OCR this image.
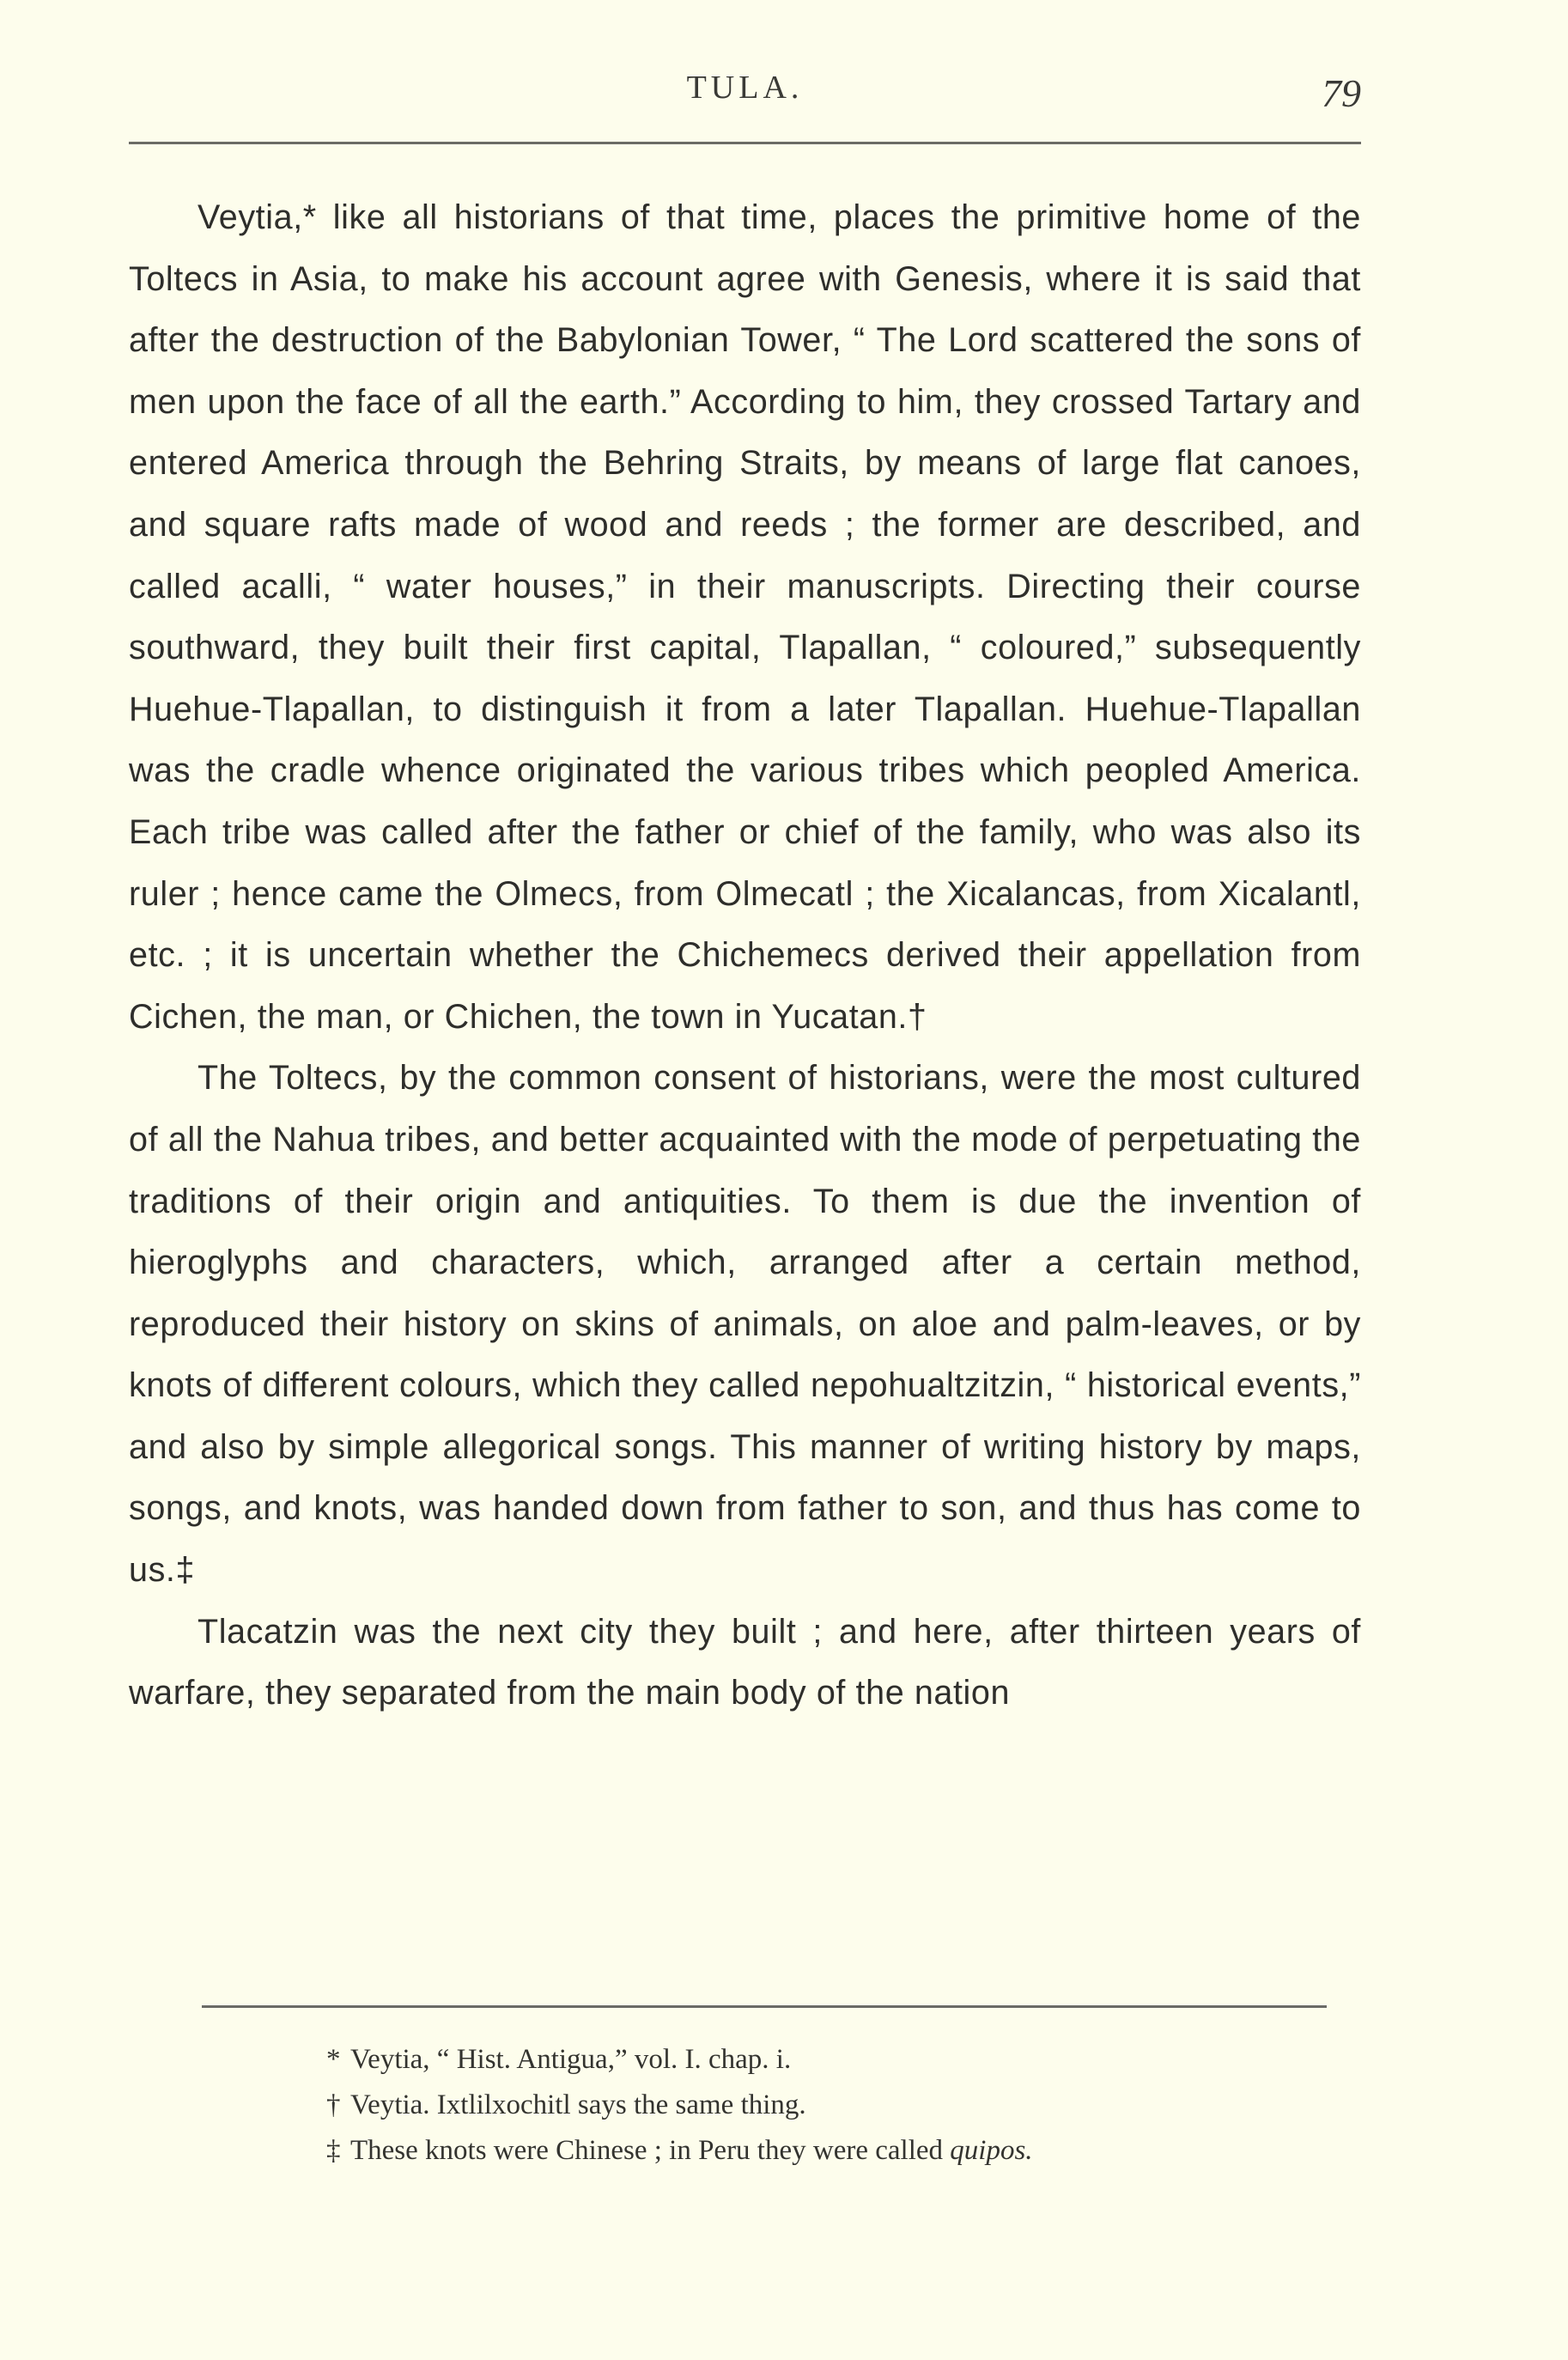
TULA.	79

Veytia,* like all historians of that time, places the primitive home of the Toltecs in Asia, to make his account agree with Genesis, where it is said that after the destruction of the Babylonian Tower, “ The Lord scattered the sons of men upon the face of all the earth.” According to him, they crossed Tartary and entered America through the Behring Straits, by means of large flat canoes, and square rafts made of wood and reeds ; the former are described, and called acalli, “ water houses,” in their manuscripts. Directing their course southward, they built their first capital, Tlapallan, “ coloured,” subsequently Huehue-Tlapallan, to distinguish it from a later Tlapallan. Huehue-Tlapallan was the cradle whence originated the various tribes which peopled America. Each tribe was called after the father or chief of the family, who was also its ruler ; hence came the Olmecs, from Olmecatl ; the Xicalancas, from Xicalantl, etc. ; it is uncertain whether the Chichemecs derived their appellation from Cichen, the man, or Chichen, the town in Yucatan.†

The Toltecs, by the common consent of historians, were the most cultured of all the Nahua tribes, and better acquainted with the mode of perpetuating the traditions of their origin and antiquities. To them is due the invention of hieroglyphs and characters, which, arranged after a certain method, reproduced their history on skins of animals, on aloe and palm-leaves, or by knots of different colours, which they called nepohualtzitzin, “ historical events,” and also by simple allegorical songs. This manner of writing history by maps, songs, and knots, was handed down from father to son, and thus has come to us.‡

Tlacatzin was the next city they built ; and here, after thirteen years of warfare, they separated from the main body of the nation

* Veytia, “ Hist. Antigua,” vol. I. chap. i.
† Veytia. Ixtlilxochitl says the same thing.
‡ These knots were Chinese ; in Peru they were called quipos.
